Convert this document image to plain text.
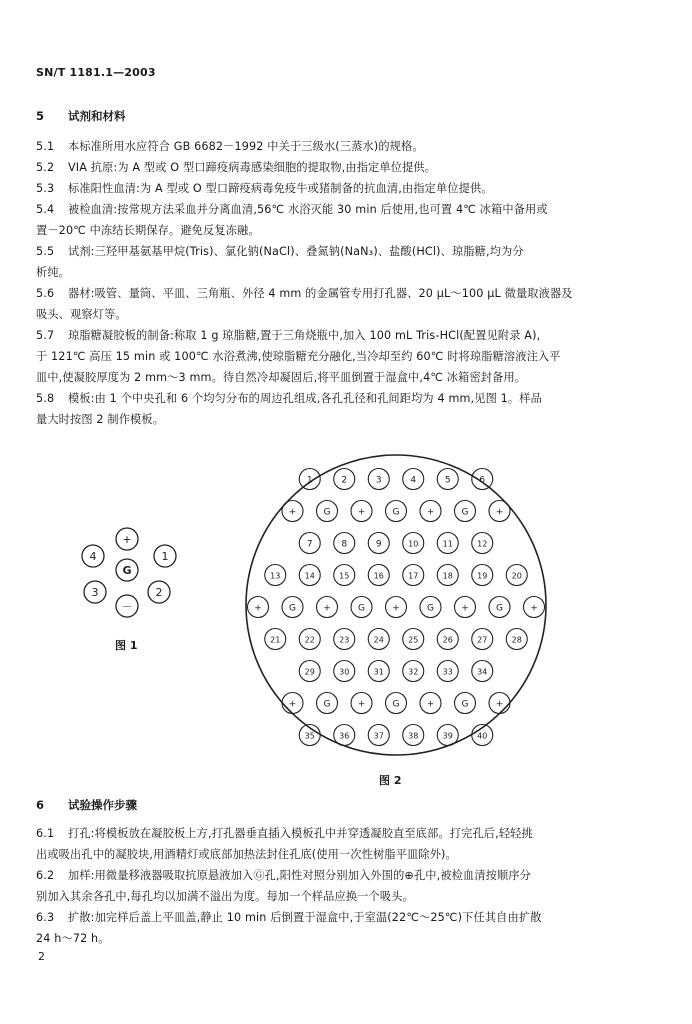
SN/T 1181.1—2003
5 试剂和材料
5.1 本标准所用水应符合 GB 6682－1992 中关于三级水(三蒸水)的规格。
5.2 VIA 抗原:为 A 型或 O 型口蹄疫病毒感染细胞的提取物,由指定单位提供。
5.3 标准阳性血清:为 A 型或 O 型口蹄疫病毒免疫牛或猪制备的抗血清,由指定单位提供。
5.4 被检血清:按常规方法采血并分离血清,56℃ 水浴灭能 30 min 后使用,也可置 4℃ 冰箱中备用或
置－20℃ 中冻结长期保存。避免反复冻融。
5.5 试剂:三羟甲基氨基甲烷(Tris)、氯化钠(NaCl)、叠氮钠(NaN₃)、盐酸(HCl)、琼脂糖,均为分
析纯。
5.6 器材:吸管、量筒、平皿、三角瓶、外径 4 mm 的金属管专用打孔器、20 μL～100 μL 微量取液器及
吸头、观察灯等。
5.7 琼脂糖凝胶板的制备:称取 1 g 琼脂糖,置于三角烧瓶中,加入 100 mL Tris-HCl(配置见附录 A),
于 121℃ 高压 15 min 或 100℃ 水浴煮沸,使琼脂糖充分融化,当冷却至约 60℃ 时将琼脂糖溶液注入平
皿中,使凝胶厚度为 2 mm～3 mm。待自然冷却凝固后,将平皿倒置于湿盒中,4℃ 冰箱密封备用。
5.8 模板:由 1 个中央孔和 6 个均匀分布的周边孔组成,各孔孔径和孔间距均为 4 mm,见图 1。样品
量大时按图 2 制作模板。
+
G
1
2
－
3
4
图 1
1	2	3	4	5	6
+	G	+	G	+	G	+
7	8	9	10	11	12
13	14	15	16	17	18	19	20
+	G	+	G	+	G	+	G	+
21	22	23	24	25	26	27	28
29	30	31	32	33	34
+	G	+	G	+	G	+
35	36	37	38	39	40
图 2
6 试验操作步骤
6.1 打孔:将模板放在凝胶板上方,打孔器垂直插入模板孔中并穿透凝胶直至底部。打完孔后,轻轻挑
出或吸出孔中的凝胶块,用酒精灯或底部加热法封住孔底(使用一次性树脂平皿除外)。
6.2 加样:用微量移液器吸取抗原悬液加入Ⓖ孔,阳性对照分别加入外围的⊕孔中,被检血清按顺序分
别加入其余各孔中,每孔均以加满不溢出为度。每加一个样品应换一个吸头。
6.3 扩散:加完样后盖上平皿盖,静止 10 min 后倒置于湿盒中,于室温(22℃～25℃)下任其自由扩散
24 h～72 h。
2
